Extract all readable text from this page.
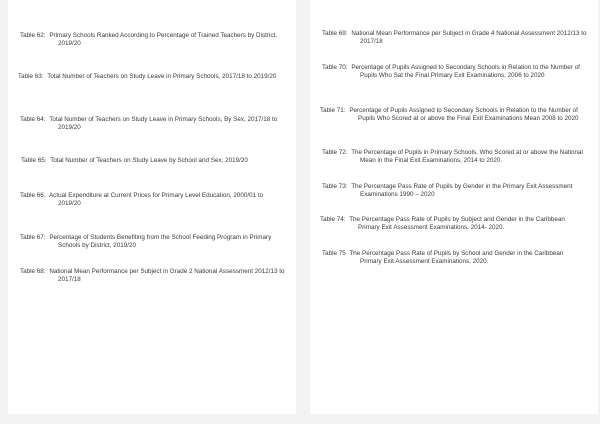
Table 62: Primary Schools Ranked According to Percentage of Trained Teachers by District, 2019/20
Table 63: Total Number of Teachers on Study Leave in Primary Schools, 2017/18 to 2019/20
Table 64: Total Number of Teachers on Study Leave in Primary Schools, By Sex, 2017/18 to 2019/20
Table 65: Total Number of Teachers on Study Leave by School and Sex, 2019/20
Table 66: Actual Expenditure at Current Prices for Primary Level Education, 2000/01 to 2019/20
Table 67: Percentage of Students Benefiting from the School Feeding Program in Primary Schools by District, 2019/20
Table 68: National Mean Performance per Subject in Grade 2 National Assessment 2012/13 to 2017/18
Table 69: National Mean Performance per Subject in Grade 4 National Assessment 2012/13 to 2017/18
Table 70: Percentage of Pupils Assigned to Secondary Schools in Relation to the Number of Pupils Who Sat the Final Primary Exit Examinations, 2006 to 2020
Table 71: Percentage of Pupils Assigned to Secondary Schools in Relation to the Number of Pupils Who Scored at or above the Final Exit Examinations Mean 2008 to 2020
Table 72: The Percentage of Pupils in Primary Schools, Who Scored at or above the National Mean in the Final Exit Examinations, 2014 to 2020.
Table 73: The Percentage Pass Rate of Pupils by Gender in the Primary Exit Assessment Examinations 1990 – 2020
Table 74: The Percentage Pass Rate of Pupils by Subject and Gender in the Caribbean Primary Exit Assessment Examinations, 2014- 2020.
Table 75 The Percentage Pass Rate of Pupils by School and Gender in the Caribbean Primary Exit Assessment Examinations, 2020.
